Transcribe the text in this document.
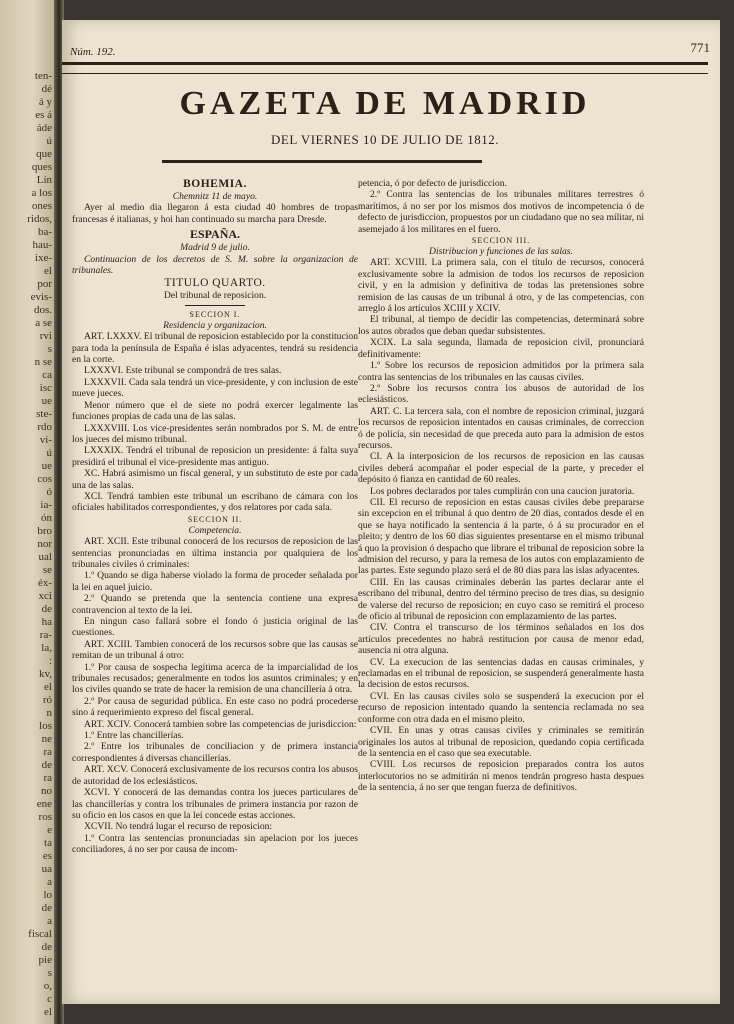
ten-
dé
á y
es á
áde
ú
que
ques
Lín
a los
ones
ridos,
ba-
hau-
ixe-
el
por
evis-
dos.
a se
rvi
s
n se
ca
isc
ue
ste-
rdo
vi-
ú
ue
cos
ó
ia-
ón
bro
nor
ual
se
éx-
xci
de
ha
ra-
la,
:
kv,
el
ró
n
los
ne
ra
de
ra
no
ene
ros
e
ta
es
ua
a
lo
de
a
fiscal
de
pie
s
o,
c
el
Núm. 192.	771
GAZETA DE MADRID
DEL VIERNES 10 DE JULIO DE 1812.
BOHEMIA.
Chemnitz 11 de mayo.
Ayer al medio dia llegaron á esta ciudad 40 hombres de tropas francesas é italianas, y hoi han continuado su marcha para Dresde.
ESPAÑA.
Madrid 9 de julio.
Continuacion de los decretos de S. M. sobre la organizacion de tribunales.
TITULO QUARTO.
Del tribunal de reposicion.
SECCION I.
Residencia y organizacion.
ART. LXXXV. El tribunal de reposicion establecido por la constitucion para toda la península de España é islas adyacentes, tendrá su residencia en la corte.
LXXXVI. Este tribunal se compondrá de tres salas.
LXXXVII. Cada sala tendrá un vice-presidente, y con inclusion de este nueve jueces.
Menor número que el de siete no podrá exercer legalmente las funciones propias de cada una de las salas.
LXXXVIII. Los vice-presidentes serán nombrados por S. M. de entre los jueces del mismo tribunal.
LXXXIX. Tendrá el tribunal de reposicion un presidente: á falta suya presidirá el tribunal el vice-presidente mas antiguo.
XC. Habrá asimismo un fiscal general, y un substituto de este por cada una de las salas.
XCI. Tendrá tambien este tribunal un escribano de cámara con los oficiales habilitados correspondientes, y dos relatores por cada sala.
SECCION II.
Competencia.
ART. XCII. Este tribunal conocerá de los recursos de reposicion de las sentencias pronunciadas en última instancia por qualquiera de los tribunales civiles ó criminales:
1.º Quando se diga haberse violado la forma de proceder señalada por la lei en aquel juicio.
2.º Quando se pretenda que la sentencia contiene una expresa contravencion al texto de la lei.
En ningun caso fallará sobre el fondo ó justicia original de las cuestiones.
ART. XCIII. Tambien conocerá de los recursos sobre que las causas se remitan de un tribunal á otro:
1.º Por causa de sospecha legítima acerca de la imparcialidad de los tribunales recusados; generalmente en todos los asuntos criminales; y en los civiles quando se trate de hacer la remision de una chancillería á otra.
2.º Por causa de seguridad pública. En este caso no podrá procederse sino á requerimiento expreso del fiscal general.
ART. XCIV. Conocerá tambien sobre las competencias de jurisdiccion:
1.º Entre las chancillerías.
2.º Entre los tribunales de conciliacion y de primera instancia correspondientes á diversas chancillerías.
ART. XCV. Conocerá exclusivamente de los recursos contra los abusos de autoridad de los eclesiásticos.
XCVI. Y conocerá de las demandas contra los jueces particulares de las chancillerías y contra los tribunales de primera instancia por razon de su oficio en los casos en que la lei concede estas acciones.
XCVII. No tendrá lugar el recurso de reposicion:
1.º Contra las sentencias pronunciadas sin apelacion por los jueces conciliadores, á no ser por causa de incom-
petencia, ó por defecto de jurisdiccion.
2.º Contra las sentencias de los tribunales militares terrestres ó marítimos, á no ser por los mismos dos motivos de incompetencia ó de defecto de jurisdiccion, propuestos por un ciudadano que no sea militar, ni asemejado á los militares en el fuero.
SECCION III.
Distribucion y funciones de las salas.
ART. XCVIII. La primera sala, con el título de recursos, conocerá exclusivamente sobre la admision de todos los recursos de reposicion civil, y en la admision y definitiva de todas las pretensiones sobre remision de las causas de un tribunal á otro, y de las competencias, con arreglo á los artículos XCIII y XCIV.
El tribunal, al tiempo de decidir las competencias, determinará sobre los autos obrados que deban quedar subsistentes.
XCIX. La sala segunda, llamada de reposicion civil, pronunciará definitivamente:
1.º Sobre los recursos de reposicion admitidos por la primera sala contra las sentencias de los tribunales en las causas civiles.
2.º Sobre los recursos contra los abusos de autoridad de los eclesiásticos.
ART. C. La tercera sala, con el nombre de reposicion criminal, juzgará los recursos de reposicion intentados en causas criminales, de correccion ó de policía, sin necesidad de que preceda auto para la admision de estos recursos.
CI. A la interposicion de los recursos de reposicion en las causas civiles deberá acompañar el poder especial de la parte, y preceder el depósito ó fianza en cantidad de 60 reales.
Los pobres declarados por tales cumplirán con una caucion juratoria.
CII. El recurso de reposicion en estas causas civiles debe prepararse sin excepcion en el tribunal á quo dentro de 20 dias, contados desde el en que se haya notificado la sentencia á la parte, ó á su procurador en el pleito; y dentro de los 60 dias siguientes presentarse en el mismo tribunal á quo la provision ó despacho que librare el tribunal de reposicion sobre la admision del recurso, y para la remesa de los autos con emplazamiento de las partes. Este segundo plazo será el de 80 dias para las islas adyacentes.
CIII. En las causas criminales deberán las partes declarar ante el escribano del tribunal, dentro del término preciso de tres dias, su designio de valerse del recurso de reposicion; en cuyo caso se remitirá el proceso de oficio al tribunal de reposicion con emplazamiento de las partes.
CIV. Contra el transcurso de los términos señalados en los dos artículos precedentes no habrá restitucion por causa de menor edad, ausencia ni otra alguna.
CV. La execucion de las sentencias dadas en causas criminales, y reclamadas en el tribunal de reposicion, se suspenderá generalmente hasta la decision de estos recursos.
CVI. En las causas civiles solo se suspenderá la execucion por el recurso de reposicion intentado quando la sentencia reclamada no sea conforme con otra dada en el mismo pleito.
CVII. En unas y otras causas civiles y criminales se remitirán originales los autos al tribunal de reposicion, quedando copia certificada de la sentencia en el caso que sea executable.
CVIII. Los recursos de reposicion preparados contra los autos interlocutorios no se admitirán ni menos tendrán progreso hasta despues de la sentencia, á no ser que tengan fuerza de definitivos.
